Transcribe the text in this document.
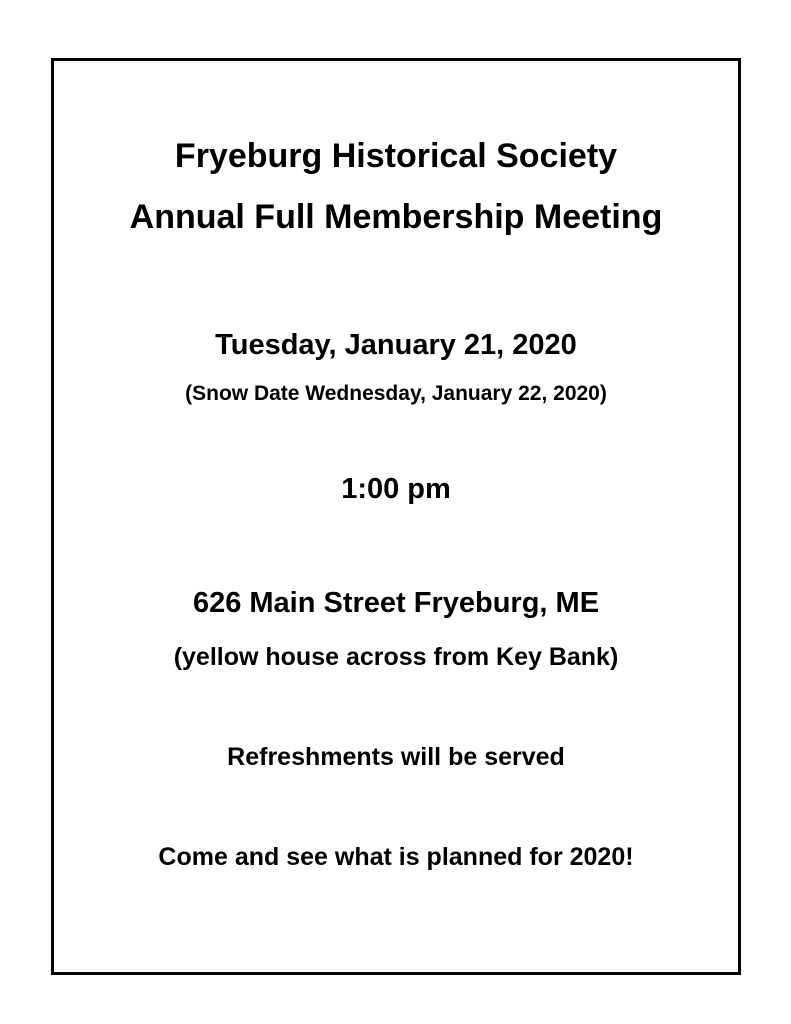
Fryeburg Historical Society
Annual Full Membership Meeting

Tuesday, January 21, 2020

(Snow Date Wednesday, January 22, 2020)

1:00 pm

626 Main Street Fryeburg, ME

(yellow house across from Key Bank)

Refreshments will be served

Come and see what is planned for 2020!
